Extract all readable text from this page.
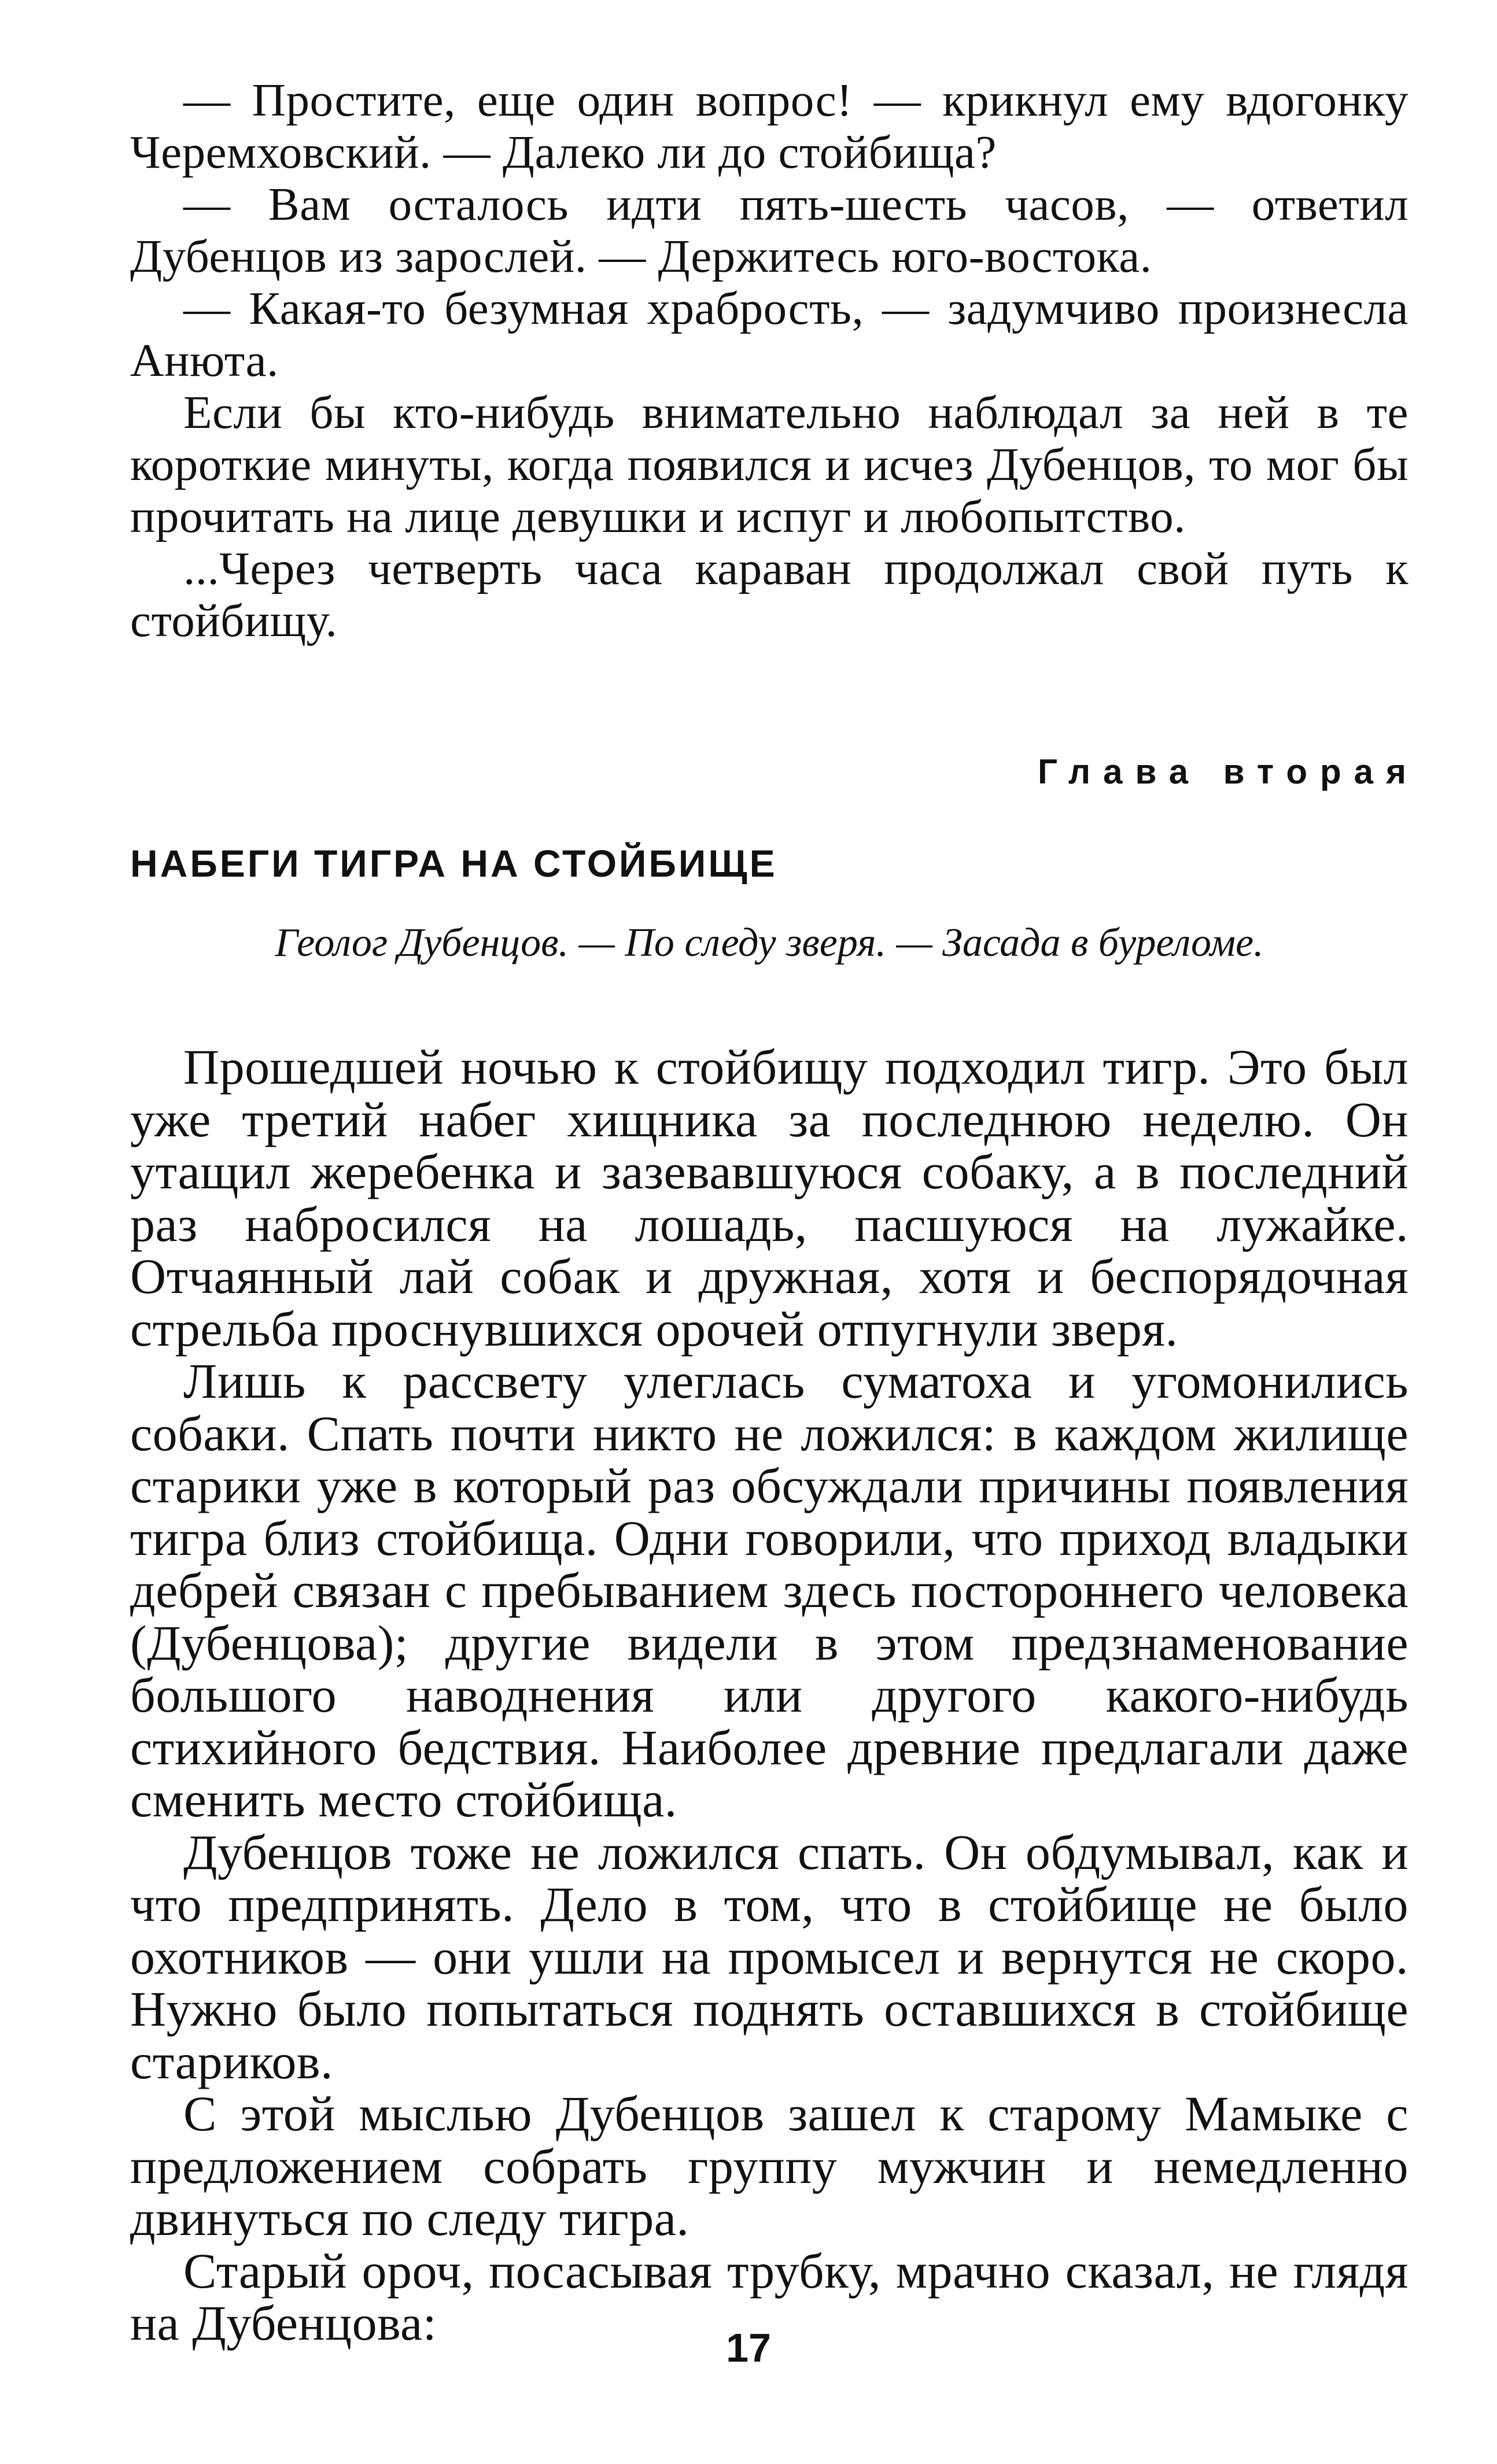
— Простите, еще один вопрос! — крикнул ему вдогонку Черемховский. — Далеко ли до стойбища?

— Вам осталось идти пять-шесть часов, — ответил Дубенцов из зарослей. — Держитесь юго-востока.

— Какая-то безумная храбрость, — задумчиво произнесла Анюта.

Если бы кто-нибудь внимательно наблюдал за ней в те короткие минуты, когда появился и исчез Дубенцов, то мог бы прочитать на лице девушки и испуг и любопытство.

...Через четверть часа караван продолжал свой путь к стойбищу.

Глава вторая

НАБЕГИ ТИГРА НА СТОЙБИЩЕ

Геолог Дубенцов. — По следу зверя. — Засада в буреломе.

Прошедшей ночью к стойбищу подходил тигр. Это был уже третий набег хищника за последнюю неделю. Он утащил жеребенка и зазевавшуюся собаку, а в последний раз набросился на лошадь, пасшуюся на лужайке. Отчаянный лай собак и дружная, хотя и беспорядочная стрельба проснувшихся орочей отпугнули зверя.

Лишь к рассвету улеглась суматоха и угомонились собаки. Спать почти никто не ложился: в каждом жилище старики уже в который раз обсуждали причины появления тигра близ стойбища. Одни говорили, что приход владыки дебрей связан с пребыванием здесь постороннего человека (Дубенцова); другие видели в этом предзнаменование большого наводнения или другого какого-нибудь стихийного бедствия. Наиболее древние предлагали даже сменить место стойбища.

Дубенцов тоже не ложился спать. Он обдумывал, как и что предпринять. Дело в том, что в стойбище не было охотников — они ушли на промысел и вернутся не скоро. Нужно было попытаться поднять оставшихся в стойбище стариков.

С этой мыслью Дубенцов зашел к старому Мамыке с предложением собрать группу мужчин и немедленно двинуться по следу тигра.

Старый ороч, посасывая трубку, мрачно сказал, не глядя на Дубенцова:	17
